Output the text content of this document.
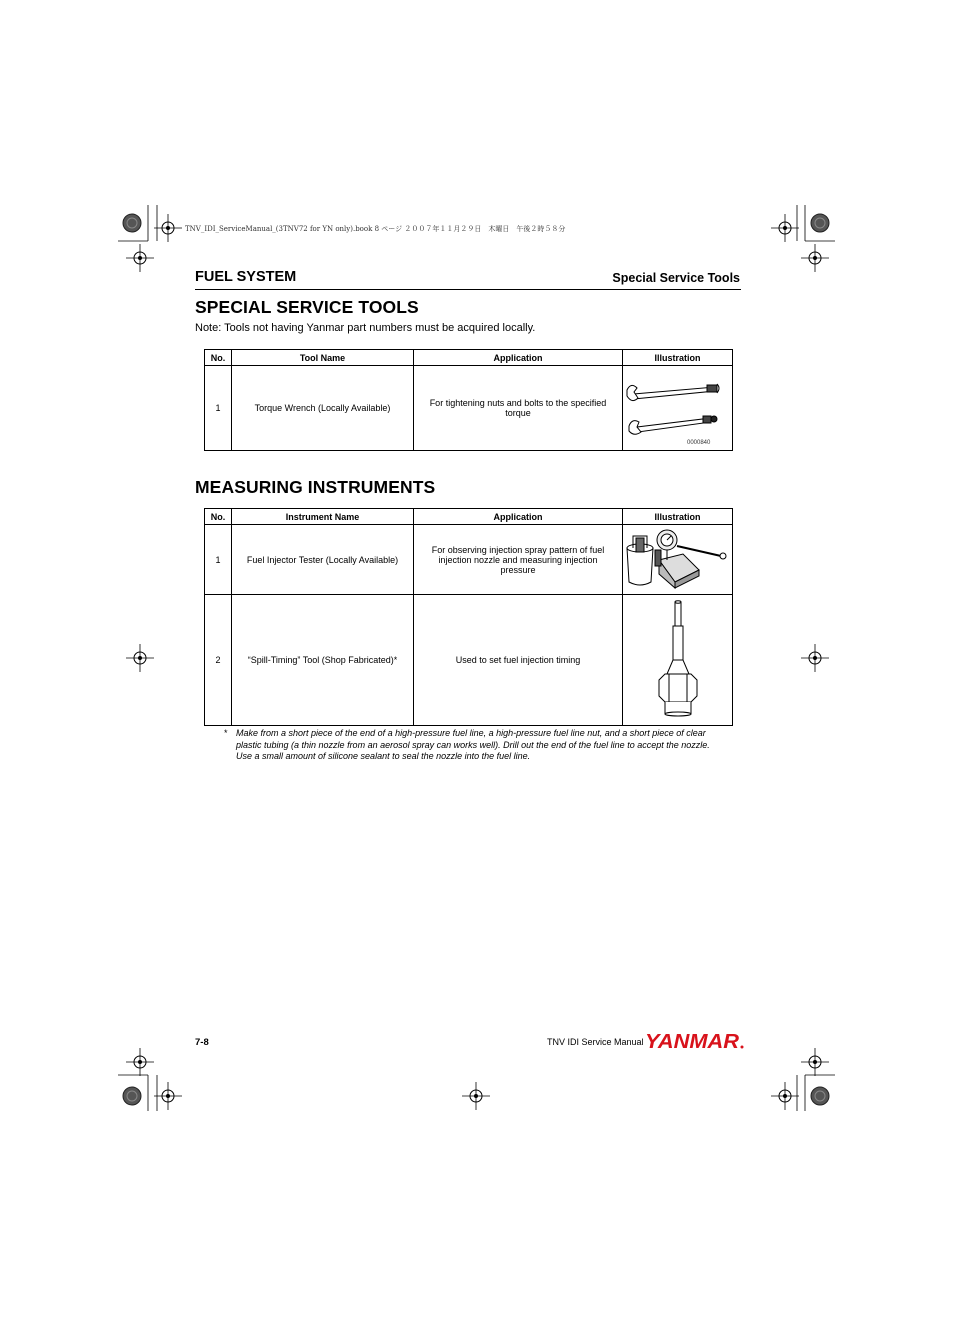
TNV_IDI_ServiceManual_(3TNV72 for YN only).book 8 ページ ２００７年１１月２９日　木曜日　午後２時５８分
FUEL SYSTEM	Special Service Tools
SPECIAL SERVICE TOOLS
Note: Tools not having Yanmar part numbers must be acquired locally.
No.	Tool Name	Application	Illustration
1	Torque Wrench (Locally Available)	For tightening nuts and bolts to the specified torque	0000840
MEASURING INSTRUMENTS
No.	Instrument Name	Application	Illustration
1	Fuel Injector Tester (Locally Available)	For observing injection spray pattern of fuel injection nozzle and measuring injection pressure	

2	“Spill-Timing” Tool (Shop Fabricated)*	Used to set fuel injection timing	
* Make from a short piece of the end of a high-pressure fuel line, a high-pressure fuel line nut, and a short piece of clear plastic tubing (a thin nozzle from an aerosol spray can works well). Drill out the end of the fuel line to accept the nozzle. Use a small amount of silicone sealant to seal the nozzle into the fuel line.
7-8	TNV IDI Service Manual YANMAR
